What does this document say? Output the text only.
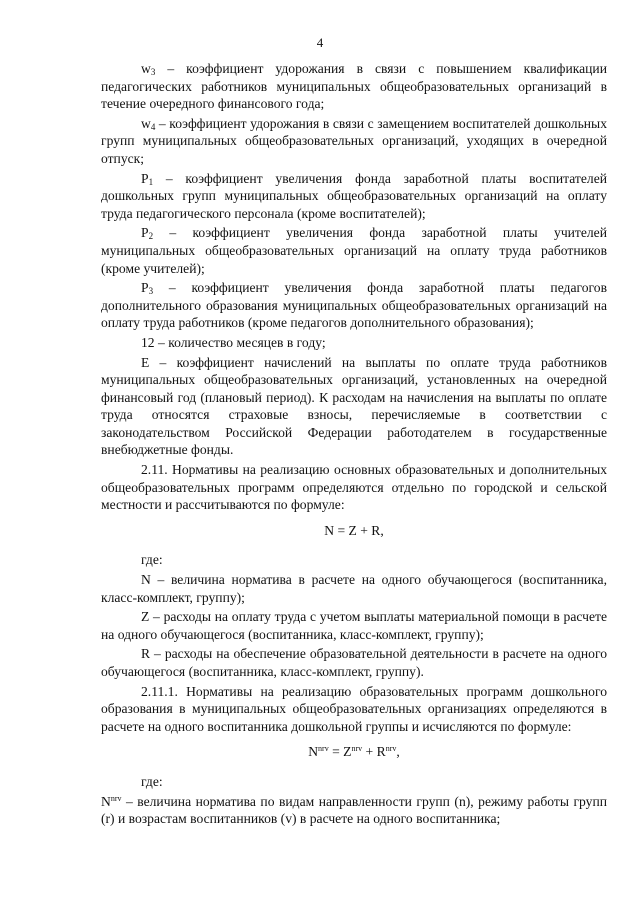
4

$w_3$ – коэффициент удорожания в связи с повышением квалификации педагогических работников муниципальных общеобразовательных организаций в течение очередного финансового года;

$w_4$ – коэффициент удорожания в связи с замещением воспитателей дошкольных групп муниципальных общеобразовательных организаций, уходящих в очередной отпуск;

$Р_1$ – коэффициент увеличения фонда заработной платы воспитателей дошкольных групп муниципальных общеобразовательных организаций на оплату труда педагогического персонала (кроме воспитателей);

$Р_2$ – коэффициент увеличения фонда заработной платы учителей муниципальных общеобразовательных организаций на оплату труда работников (кроме учителей);

$Р_3$ – коэффициент увеличения фонда заработной платы педагогов дополнительного образования муниципальных общеобразовательных организаций на оплату труда работников (кроме педагогов дополнительного образования);

12 – количество месяцев в году;

Е – коэффициент начислений на выплаты по оплате труда работников муниципальных общеобразовательных организаций, установленных на очередной финансовый год (плановый период). К расходам на начисления на выплаты по оплате труда относятся страховые взносы, перечисляемые в соответствии с законодательством Российской Федерации работодателем в государственные внебюджетные фонды.

2.11. Нормативы на реализацию основных образовательных и дополнительных общеобразовательных программ определяются отдельно по городской и сельской местности и рассчитываются по формуле:

N = Z + R,

где:

N – величина норматива в расчете на одного обучающегося (воспитанника, класс-комплект, группу);

Z – расходы на оплату труда с учетом выплаты материальной помощи в расчете на одного обучающегося (воспитанника, класс-комплект, группу);

R – расходы на обеспечение образовательной деятельности в расчете на одного обучающегося (воспитанника, класс-комплект, группу).

2.11.1. Нормативы на реализацию образовательных программ дошкольного образования в муниципальных общеобразовательных организациях определяются в расчете на одного воспитанника дошкольной группы и исчисляются по формуле:

$N^{nrv} = Z^{nrv} + R^{nrv}$,

где:

$N^{nrv}$ – величина норматива по видам направленности групп (n), режиму работы групп (r) и возрастам воспитанников (v) в расчете на одного воспитанника;
